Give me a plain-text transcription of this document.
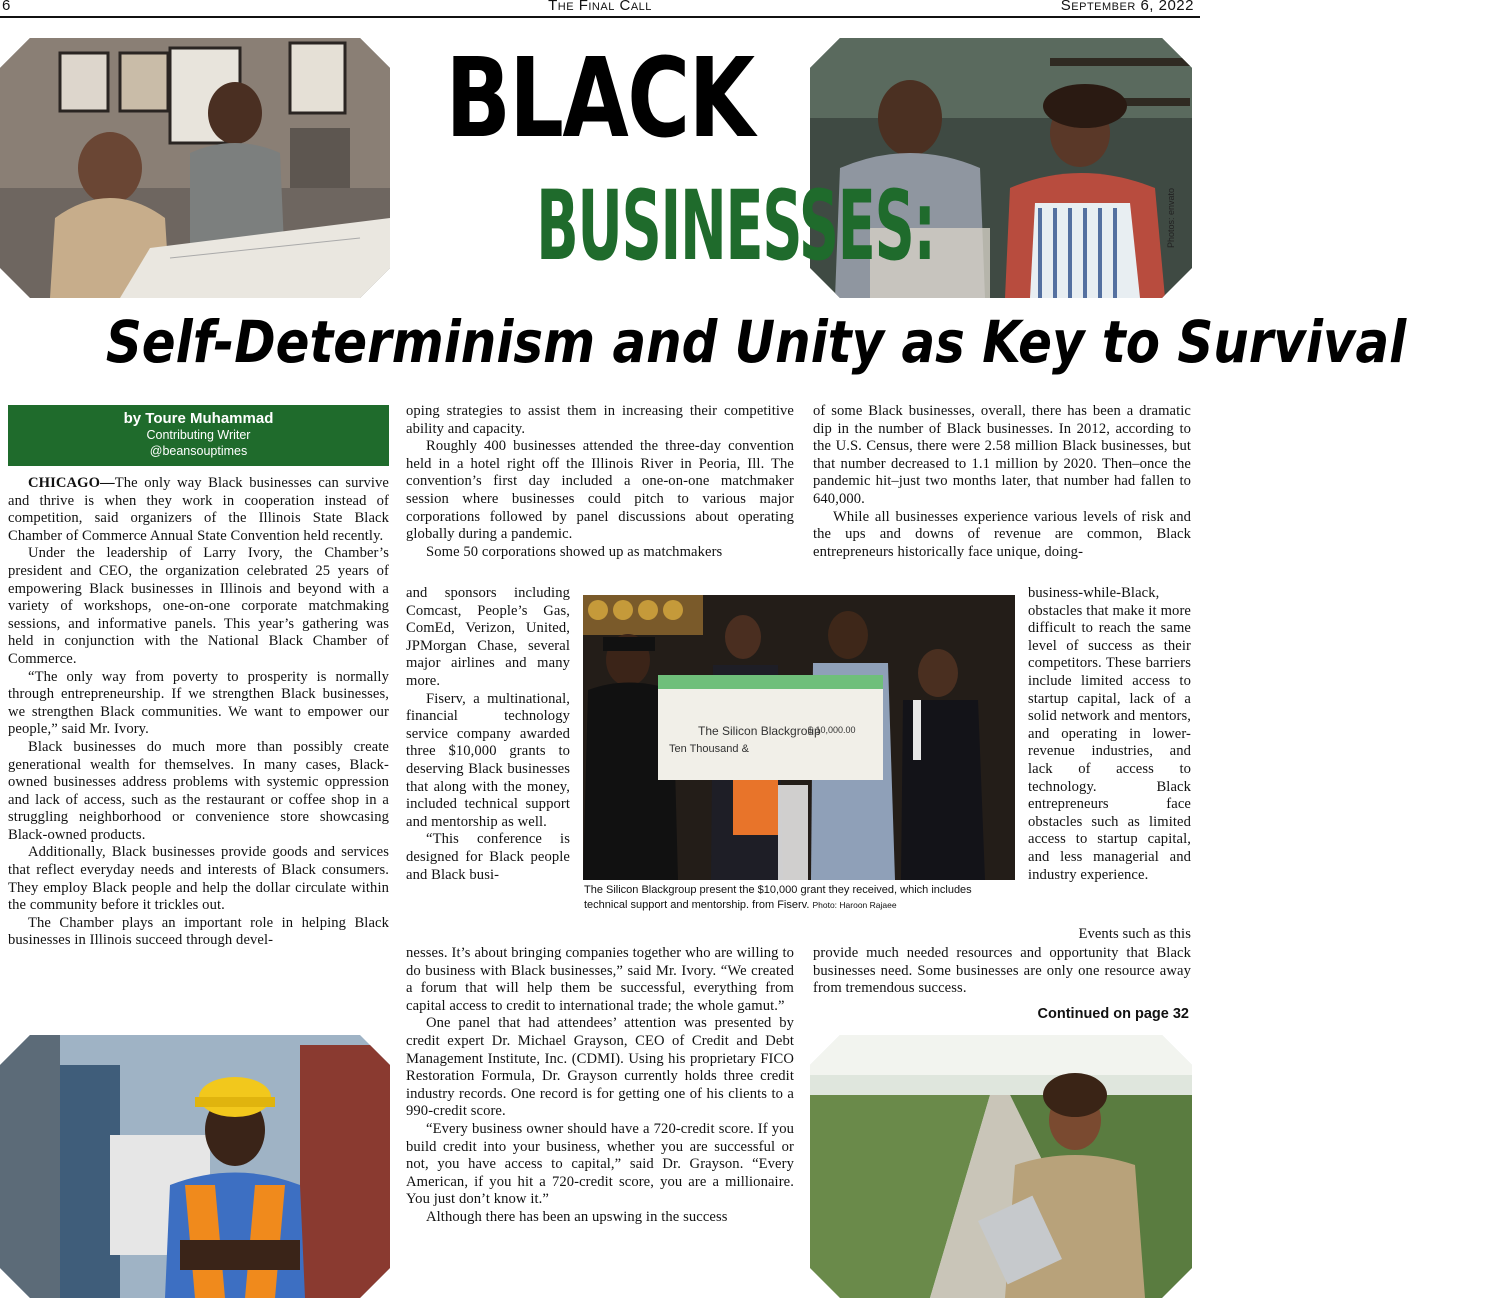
6	The Final Call	September 6, 2022
Photos: envato
BLACK
BUSINESSES:
Self-Determinism and Unity as Key to Survival
by Toure Muhammad
Contributing Writer
@beansouptimes

CHICAGO—The only way Black businesses can survive and thrive is when they work in cooperation instead of competition, said organizers of the Illinois State Black Chamber of Commerce Annual State Convention held recently.

Under the leadership of Larry Ivory, the Chamber’s president and CEO, the organization celebrated 25 years of empowering Black businesses in Illinois and beyond with a variety of workshops, one-on-one corporate matchmaking sessions, and informative panels. This year’s gathering was held in conjunction with the National Black Chamber of Commerce.

“The only way from poverty to prosperity is normally through entrepreneurship. If we strengthen Black businesses, we strengthen Black communities. We want to empower our people,” said Mr. Ivory.

Black businesses do much more than possibly create generational wealth for themselves. In many cases, Black-owned businesses address problems with systemic oppression and lack of access, such as the restaurant or coffee shop in a struggling neighborhood or convenience store showcasing Black-owned products.

Additionally, Black businesses provide goods and services that reflect everyday needs and interests of Black consumers. They employ Black people and help the dollar circulate within the community before it trickles out.

The Chamber plays an important role in helping Black businesses in Illinois succeed through devel-

oping strategies to assist them in increasing their competitive ability and capacity.

Roughly 400 businesses attended the three-day convention held in a hotel right off the Illinois River in Peoria, Ill. The convention’s first day included a one-on-one matchmaker session where businesses could pitch to various major corporations followed by panel discussions about operating globally during a pandemic.

Some 50 corporations showed up as matchmakers

and sponsors including Comcast, People’s Gas, ComEd, Verizon, United, JPMorgan Chase, several major airlines and many more.

Fiserv, a multinational, financial technology service company awarded three $10,000 grants to deserving Black businesses that along with the money, included technical support and mentorship as well.

“This conference is designed for Black people and Black busi-

nesses. It’s about bringing companies together who are willing to do business with Black businesses,” said Mr. Ivory. “We created a forum that will help them be successful, everything from capital access to credit to international trade; the whole gamut.”

One panel that had attendees’ attention was presented by credit expert Dr. Michael Grayson, CEO of Credit and Debt Management Institute, Inc. (CDMI). Using his proprietary FICO Restoration Formula, Dr. Grayson currently holds three credit industry records. One record is for getting one of his clients to a 990-credit score.

“Every business owner should have a 720-credit score. If you build credit into your business, whether you are successful or not, you have access to capital,” said Dr. Grayson. “Every American, if you hit a 720-credit score, you are a millionaire. You just don’t know it.”

Although there has been an upswing in the success

The Silicon Blackgroup
Ten Thousand &
$ 10,000.00
The Silicon Blackgroup present the $10,000 grant they received, which includes technical support and mentorship. from Fiserv. Photo: Haroon Rajaee

of some Black businesses, overall, there has been a dramatic dip in the number of Black businesses. In 2012, according to the U.S. Census, there were 2.58 million Black businesses, but that number decreased to 1.1 million by 2020. Then–once the pandemic hit–just two months later, that number had fallen to 640,000.

While all businesses experience various levels of risk and the ups and downs of revenue are common, Black entrepreneurs historically face unique, doing-

business-while-Black, obstacles that make it more difficult to reach the same level of success as their competitors. These barriers include limited access to startup capital, lack of a solid network and mentors, and operating in lower-revenue industries, and lack of access to technology. Black entrepreneurs face obstacles such as limited access to startup capital, and less managerial and industry experience.

Events such as this

provide much needed resources and opportunity that Black businesses need. Some businesses are only one resource away from tremendous success.

Continued on page 32
